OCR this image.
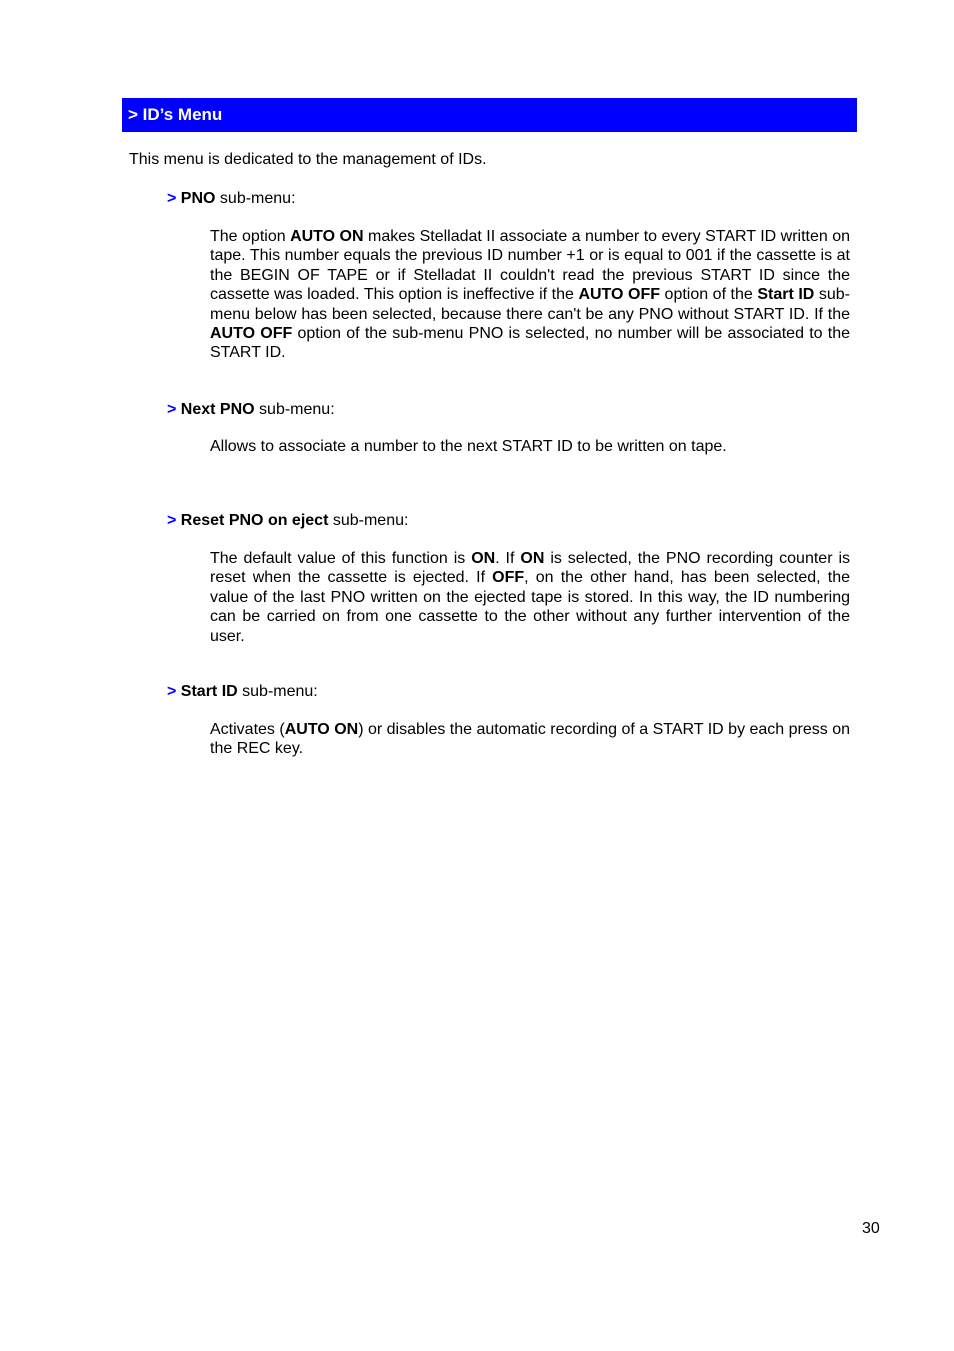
> ID’s Menu
This menu is dedicated to the management of IDs.
> PNO sub-menu:
The option AUTO ON makes Stelladat II associate a number to every START ID written on tape. This number equals the previous ID number +1 or is equal to 001 if the cassette is at the BEGIN OF TAPE or if Stelladat II couldn't read the previous START ID since the cassette was loaded. This option is ineffective if the AUTO OFF option of the Start ID sub-menu below has been selected, because there can't be any PNO without START ID. If the AUTO OFF option of the sub-menu PNO is selected, no number will be associated to the START ID.
> Next PNO sub-menu:
Allows to associate a number to the next START ID to be written on tape.
> Reset PNO on eject sub-menu:
The default value of this function is ON. If ON is selected, the PNO recording counter is reset when the cassette is ejected. If OFF, on the other hand, has been selected, the value of the last PNO written on the ejected tape is stored. In this way, the ID numbering can be carried on from one cassette to the other without any further intervention of the user.
> Start ID sub-menu:
Activates (AUTO ON) or disables the automatic recording of a START ID by each press on the REC key.
30
